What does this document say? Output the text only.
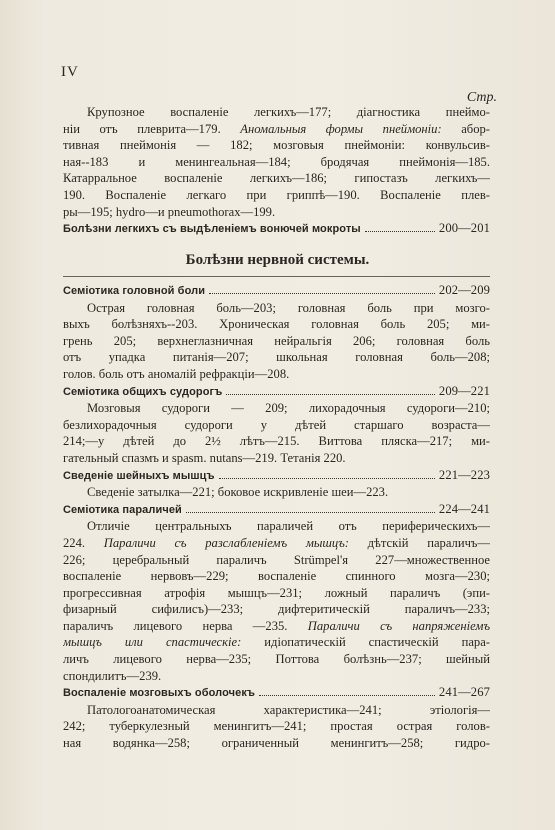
IV
Стр.
Крупозное воспаленіе легкихъ—177; діагностика пнеймо-
ніи отъ плеврита—179. Аномальныя формы пнеймоніи: абор-
тивная пнеймонія — 182; мозговыя пнеймоніи: конвульсив-
ная--183 и менингеальная—184; бродячая пнеймонія—185.
Катарральное воспаленіе легкихъ—186; гипостазъ легкихъ—
190. Воспаленіе легкаго при гриппѣ—190. Воспаленіе плев-
ры—195; hydro—и pneumothorax—199.
Болѣзни легкихъ съ выдѣленіемъ вонючей мокроты	200—201
Болѣзни нервной системы.
Семіотика головной боли	202—209
Острая головная боль—203; головная боль при мозго-
выхъ болѣзняхъ--203. Хроническая головная боль 205; ми-
грень 205; верхнеглазничная нейральгія 206; головная боль
отъ упадка питанія—207; школьная головная боль—208;
голов. боль отъ аномалій рефракціи—208.
Семіотика общихъ судорогъ	209—221
Мозговыя судороги — 209; лихорадочныя судороги—210;
безлихорадочныя судороги у дѣтей старшаго возраста—
214;—у дѣтей до 2½ лѣтъ—215. Виттова пляска—217; ми-
гательный спазмъ и spasm. nutans—219. Тетанія 220.
Сведеніе шейныхъ мышцъ	221—223
Сведеніе затылка—221; боковое искривленіе шеи—223.
Семіотика параличей	224—241
Отличіе центральныхъ параличей отъ периферическихъ—
224. Параличи съ разслабленіемъ мышцъ: дѣтскій параличъ—
226; церебральный параличъ Strümpel'я 227—множественное
воспаленіе нервовъ—229; воспаленіе спинного мозга—230;
прогрессивная атрофія мышцъ—231; ложный параличъ (эпи-
физарный сифилисъ)—233; дифтеритическій параличъ—233;
параличъ лицевого нерва —235. Параличи съ напряженіемъ
мышцъ или спастическіе: идіопатическій спастическій пара-
личъ лицевого нерва—235; Поттова болѣзнь—237; шейный
спондилитъ—239.
Воспаленіе мозговыхъ оболочекъ	241—267
Патологоанатомическая характеристика—241; этіологія—
242; туберкулезный менингитъ—241; простая острая голов-
ная водянка—258; ограниченный менингитъ—258; гидро-
